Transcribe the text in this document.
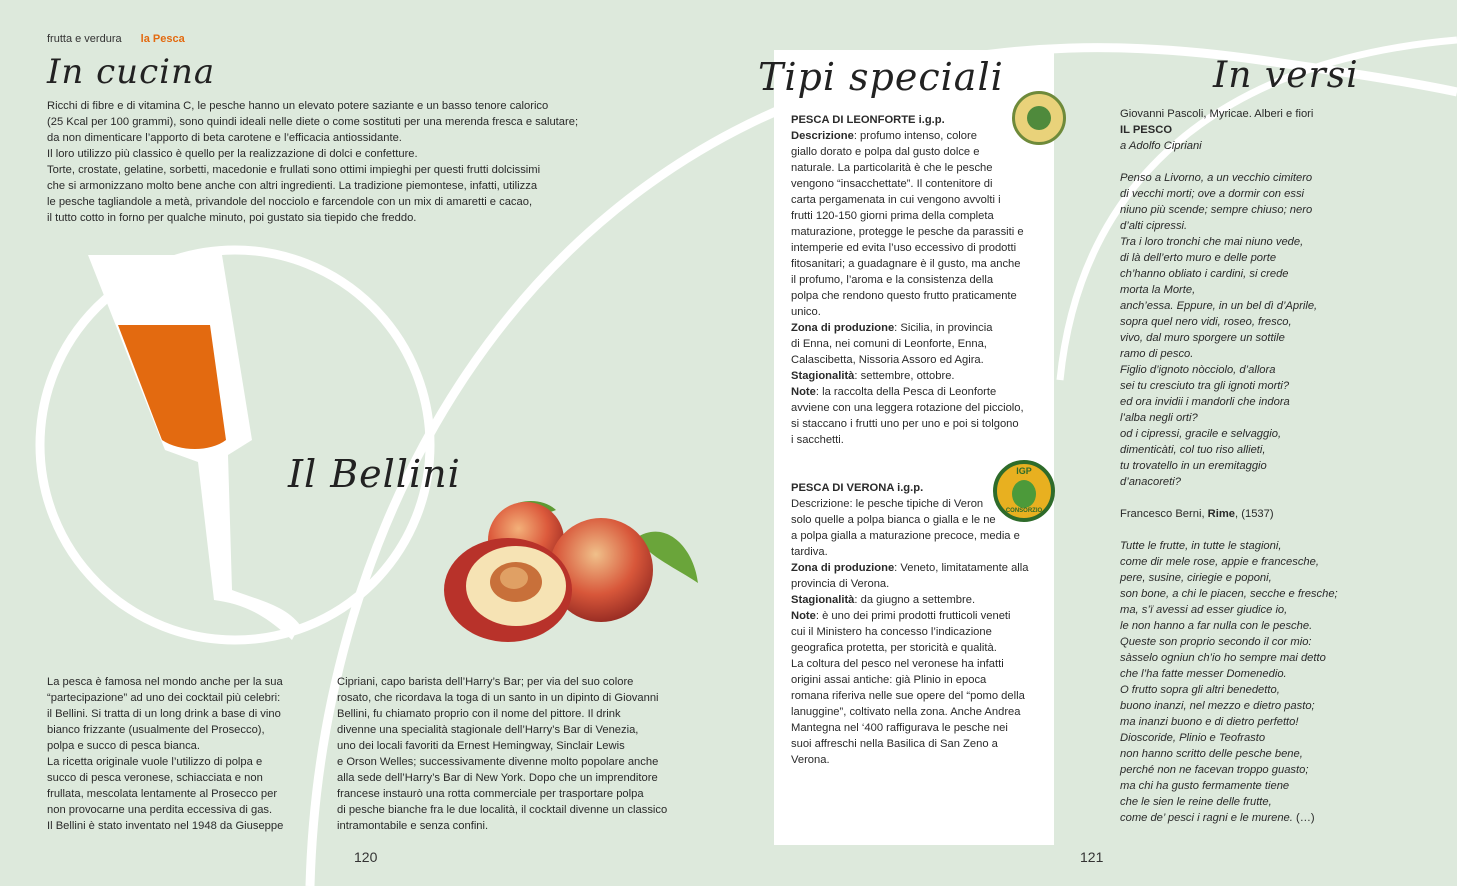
frutta e verdura la Pesca
In cucina

Ricchi di fibre e di vitamina C, le pesche hanno un elevato potere saziante e un basso tenore calorico

(25 Kcal per 100 grammi), sono quindi ideali nelle diete o come sostituti per una merenda fresca e salutare;

da non dimenticare l’apporto di beta carotene e l’efficacia antiossidante.

Il loro utilizzo più classico è quello per la realizzazione di dolci e confetture.

Torte, crostate, gelatine, sorbetti, macedonie e frullati sono ottimi impieghi per questi frutti dolcissimi

che si armonizzano molto bene anche con altri ingredienti. La tradizione piemontese, infatti, utilizza

le pesche tagliandole a metà, privandole del nocciolo e farcendole con un mix di amaretti e cacao,

il tutto cotto in forno per qualche minuto, poi gustato sia tiepido che freddo.

Il Bellini

La pesca è famosa nel mondo anche per la sua

“partecipazione” ad uno dei cocktail più celebri:

il Bellini. Si tratta di un long drink a base di vino

bianco frizzante (usualmente del Prosecco),

polpa e succo di pesca bianca.

La ricetta originale vuole l’utilizzo di polpa e

succo di pesca veronese, schiacciata e non

frullata, mescolata lentamente al Prosecco per

non provocarne una perdita eccessiva di gas.

Il Bellini è stato inventato nel 1948 da Giuseppe

Cipriani, capo barista dell’Harry’s Bar; per via del suo colore

rosato, che ricordava la toga di un santo in un dipinto di Giovanni

Bellini, fu chiamato proprio con il nome del pittore. Il drink

divenne una specialità stagionale dell’Harry’s Bar di Venezia,

uno dei locali favoriti da Ernest Hemingway, Sinclair Lewis

e Orson Welles; successivamente divenne molto popolare anche

alla sede dell’Harry’s Bar di New York. Dopo che un imprenditore

francese instaurò una rotta commerciale per trasportare polpa

di pesche bianche fra le due località, il cocktail divenne un classico

intramontabile e senza confini.

120
Tipi speciali

PESCA DI LEONFORTE i.g.p.

Descrizione: profumo intenso, colore

giallo dorato e polpa dal gusto dolce e

naturale. La particolarità è che le pesche

vengono “insacchettate”. Il contenitore di

carta pergamenata in cui vengono avvolti i

frutti 120-150 giorni prima della completa

maturazione, protegge le pesche da parassiti e

intemperie ed evita l’uso eccessivo di prodotti

fitosanitari; a guadagnare è il gusto, ma anche

il profumo, l’aroma e la consistenza della

polpa che rendono questo frutto praticamente

unico.

Zona di produzione: Sicilia, in provincia

di Enna, nei comuni di Leonforte, Enna,

Calascibetta, Nissoria Assoro ed Agira.

Stagionalità: settembre, ottobre.

Note: la raccolta della Pesca di Leonforte

avviene con una leggera rotazione del picciolo,

si staccano i frutti uno per uno e poi si tolgono

i sacchetti.

PESCA DI VERONA i.g.p.

Descrizione: le pesche tipiche di Veron

solo quelle a polpa bianca o gialla e le ne

a polpa gialla a maturazione precoce, media e

tardiva.

Zona di produzione: Veneto, limitatamente alla

provincia di Verona.

Stagionalità: da giugno a settembre.

Note: è uno dei primi prodotti frutticoli veneti

cui il Ministero ha concesso l’indicazione

geografica protetta, per storicità e qualità.

La coltura del pesco nel veronese ha infatti

origini assai antiche: già Plinio in epoca

romana riferiva nelle sue opere del “pomo della

lanuggine”, coltivato nella zona. Anche Andrea

Mantegna nel ‘400 raffigurava le pesche nei

suoi affreschi nella Basilica di San Zeno a

Verona.

IGP
CONSORZIO
In versi

Giovanni Pascoli, Myricae. Alberi e fiori

IL PESCO

a Adolfo Cipriani

Penso a Livorno, a un vecchio cimitero

di vecchi morti; ove a dormir con essi

niuno più scende; sempre chiuso; nero

d’alti cipressi.

Tra i loro tronchi che mai niuno vede,

di là dell’erto muro e delle porte

ch’hanno obliato i cardini, si crede

morta la Morte,

anch’essa. Eppure, in un bel dì d’Aprile,

sopra quel nero vidi, roseo, fresco,

vivo, dal muro sporgere un sottile

ramo di pesco.

Figlio d’ignoto nòcciolo, d’allora

sei tu cresciuto tra gli ignoti morti?

ed ora invidii i mandorli che indora

l’alba negli orti?

od i cipressi, gracile e selvaggio,

dimenticàti, col tuo riso allieti,

tu trovatello in un eremitaggio

d’anacoreti?

Francesco Berni, Rime, (1537)

Tutte le frutte, in tutte le stagioni,

come dir mele rose, appie e francesche,

pere, susine, ciriegie e poponi,

son bone, a chi le piacen, secche e fresche;

ma, s’ï avessi ad esser giudice io,

le non hanno a far nulla con le pesche.

Queste son proprio secondo il cor mio:

sàsselo ogniun ch’io ho sempre mai detto

che l’ha fatte messer Domenedio.

O frutto sopra gli altri benedetto,

buono inanzi, nel mezzo e dietro pasto;

ma inanzi buono e di dietro perfetto!

Dioscoride, Plinio e Teofrasto

non hanno scritto delle pesche bene,

perché non ne facevan troppo guasto;

ma chi ha gusto fermamente tiene

che le sien le reine delle frutte,

come de’ pesci i ragni e le murene. (…)

121
